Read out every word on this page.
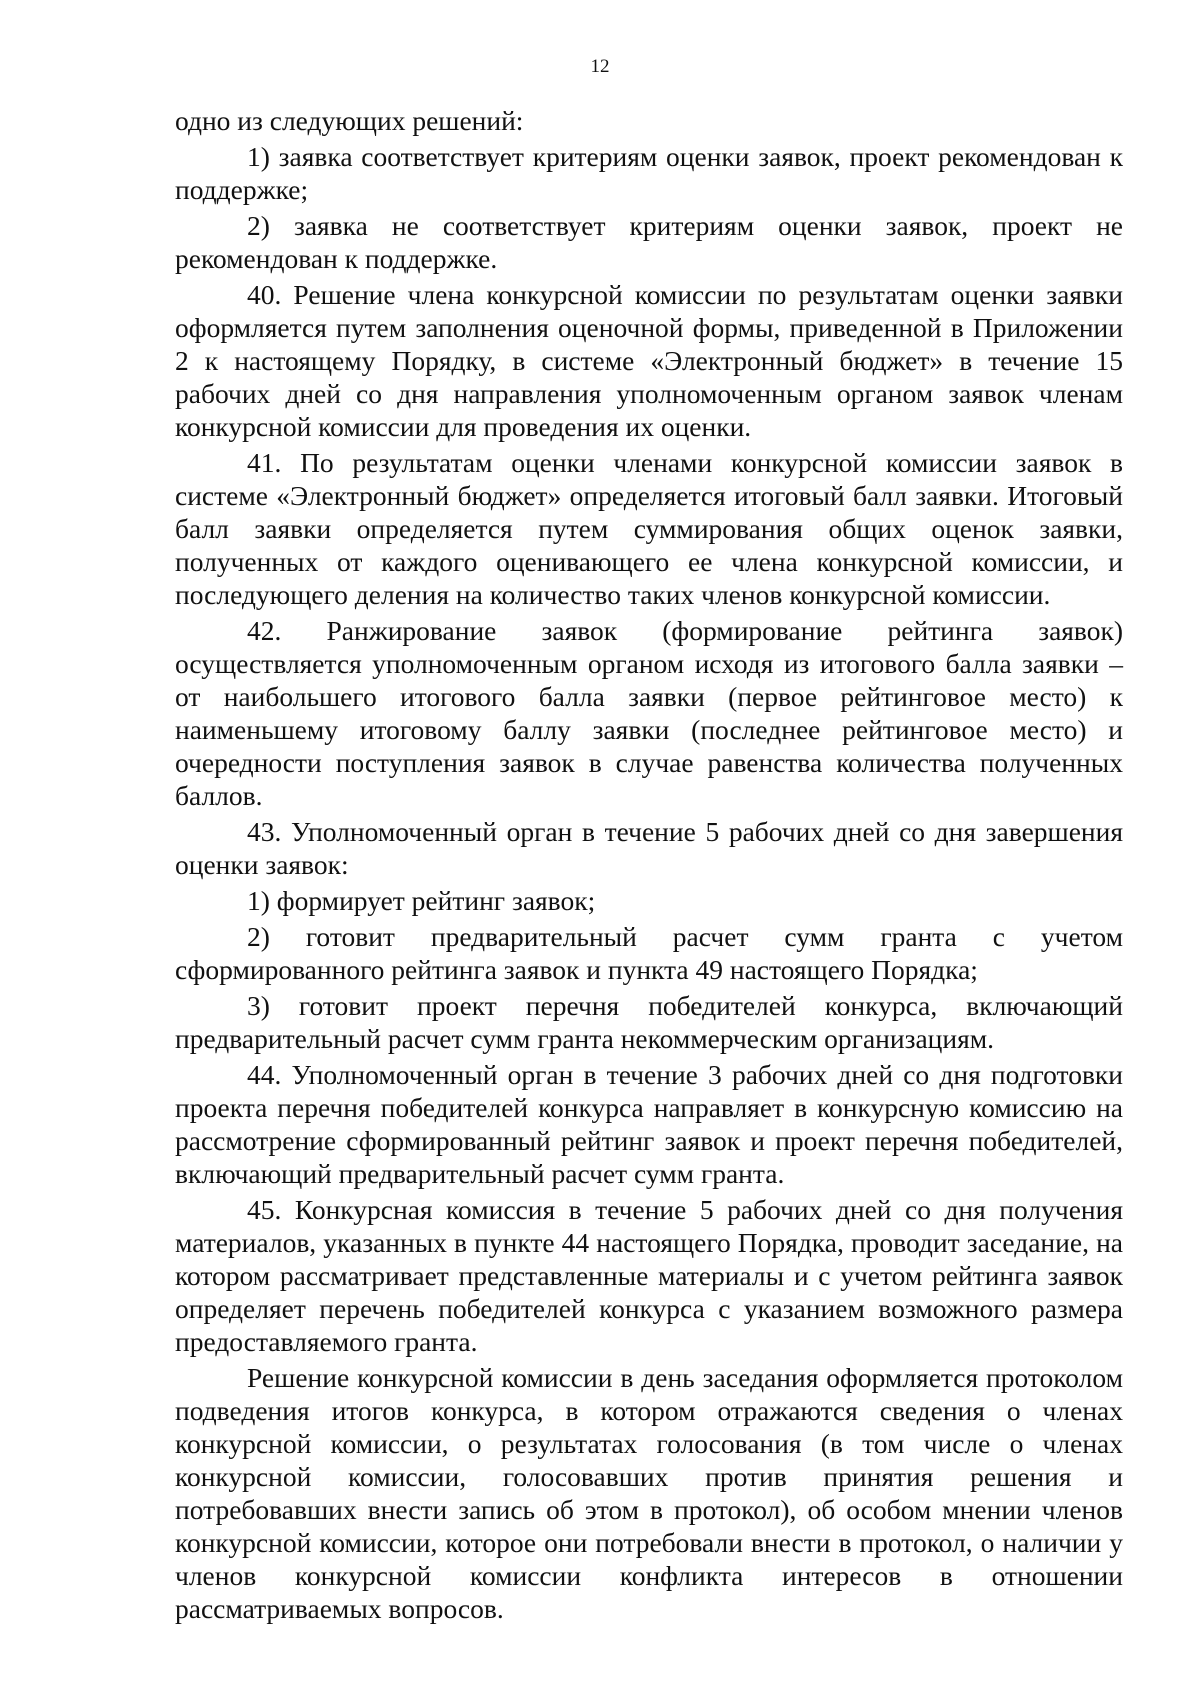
12

одно из следующих решений:

1) заявка соответствует критериям оценки заявок, проект рекомендован к поддержке;

2) заявка не соответствует критериям оценки заявок, проект не рекомендован к поддержке.

40. Решение члена конкурсной комиссии по результатам оценки заявки оформляется путем заполнения оценочной формы, приведенной в Приложении 2 к настоящему Порядку, в системе «Электронный бюджет» в течение 15 рабочих дней со дня направления уполномоченным органом заявок членам конкурсной комиссии для проведения их оценки.

41. По результатам оценки членами конкурсной комиссии заявок в системе «Электронный бюджет» определяется итоговый балл заявки. Итоговый балл заявки определяется путем суммирования общих оценок заявки, полученных от каждого оценивающего ее члена конкурсной комиссии, и последующего деления на количество таких членов конкурсной комиссии.

42. Ранжирование заявок (формирование рейтинга заявок) осуществляется уполномоченным органом исходя из итогового балла заявки – от наибольшего итогового балла заявки (первое рейтинговое место) к наименьшему итоговому баллу заявки (последнее рейтинговое место) и очередности поступления заявок в случае равенства количества полученных баллов.

43. Уполномоченный орган в течение 5 рабочих дней со дня завершения оценки заявок:

1) формирует рейтинг заявок;

2) готовит предварительный расчет сумм гранта с учетом сформированного рейтинга заявок и пункта 49 настоящего Порядка;

3) готовит проект перечня победителей конкурса, включающий предварительный расчет сумм гранта некоммерческим организациям.

44. Уполномоченный орган в течение 3 рабочих дней со дня подготовки проекта перечня победителей конкурса направляет в конкурсную комиссию на рассмотрение сформированный рейтинг заявок и проект перечня победителей, включающий предварительный расчет сумм гранта.

45. Конкурсная комиссия в течение 5 рабочих дней со дня получения материалов, указанных в пункте 44 настоящего Порядка, проводит заседание, на котором рассматривает представленные материалы и с учетом рейтинга заявок определяет перечень победителей конкурса с указанием возможного размера предоставляемого гранта.

Решение конкурсной комиссии в день заседания оформляется протоколом подведения итогов конкурса, в котором отражаются сведения о членах конкурсной комиссии, о результатах голосования (в том числе о членах конкурсной комиссии, голосовавших против принятия решения и потребовавших внести запись об этом в протокол), об особом мнении членов конкурсной комиссии, которое они потребовали внести в протокол, о наличии у членов конкурсной комиссии конфликта интересов в отношении рассматриваемых вопросов.
